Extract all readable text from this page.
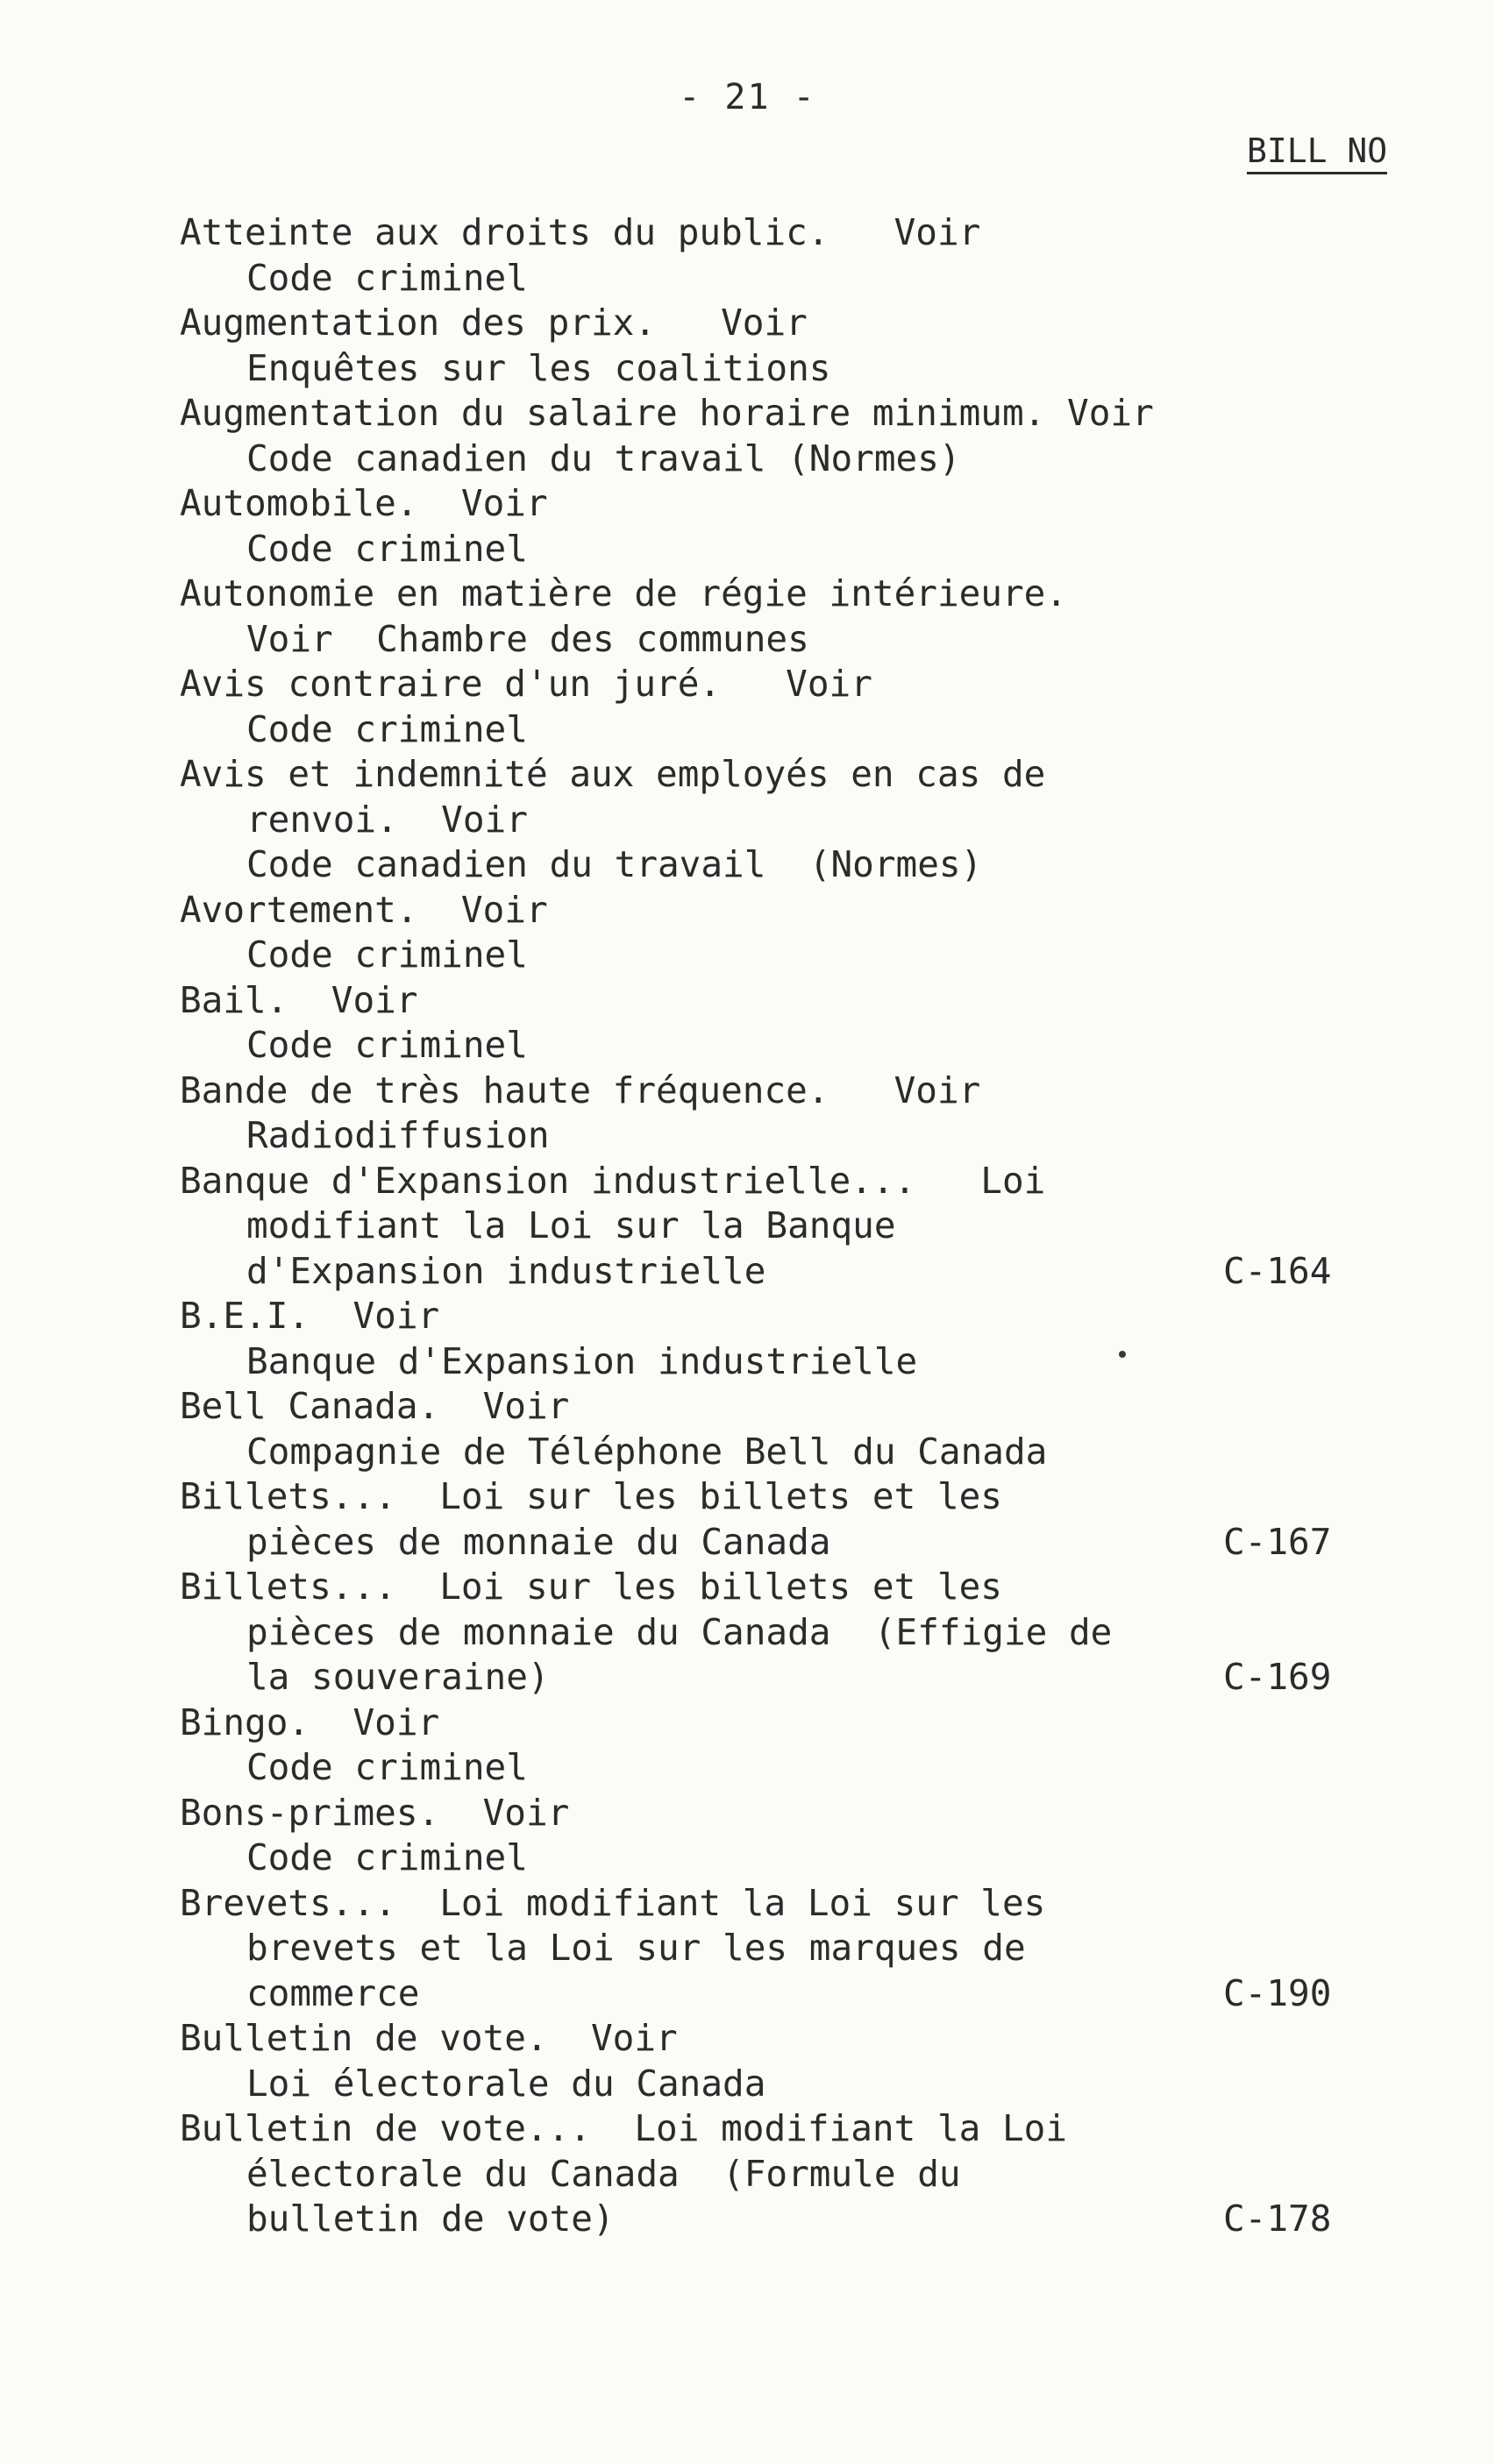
- 21 -
BILL NO
Atteinte aux droits du public.   Voir
Code criminel
Augmentation des prix.   Voir
Enquêtes sur les coalitions
Augmentation du salaire horaire minimum. Voir
Code canadien du travail (Normes)
Automobile.  Voir
Code criminel
Autonomie en matière de régie intérieure.
Voir  Chambre des communes
Avis contraire d'un juré.   Voir
Code criminel
Avis et indemnité aux employés en cas de
renvoi.  Voir
Code canadien du travail  (Normes)
Avortement.  Voir
Code criminel
Bail.  Voir
Code criminel
Bande de très haute fréquence.   Voir
Radiodiffusion
Banque d'Expansion industrielle...   Loi
modifiant la Loi sur la Banque
d'Expansion industrielle	C-164
B.E.I.  Voir
Banque d'Expansion industrielle
Bell Canada.  Voir
Compagnie de Téléphone Bell du Canada
Billets...  Loi sur les billets et les
pièces de monnaie du Canada	C-167
Billets...  Loi sur les billets et les
pièces de monnaie du Canada  (Effigie de
la souveraine)	C-169
Bingo.  Voir
Code criminel
Bons-primes.  Voir
Code criminel
Brevets...  Loi modifiant la Loi sur les
brevets et la Loi sur les marques de
commerce	C-190
Bulletin de vote.  Voir
Loi électorale du Canada
Bulletin de vote...  Loi modifiant la Loi
électorale du Canada  (Formule du
bulletin de vote)	C-178
